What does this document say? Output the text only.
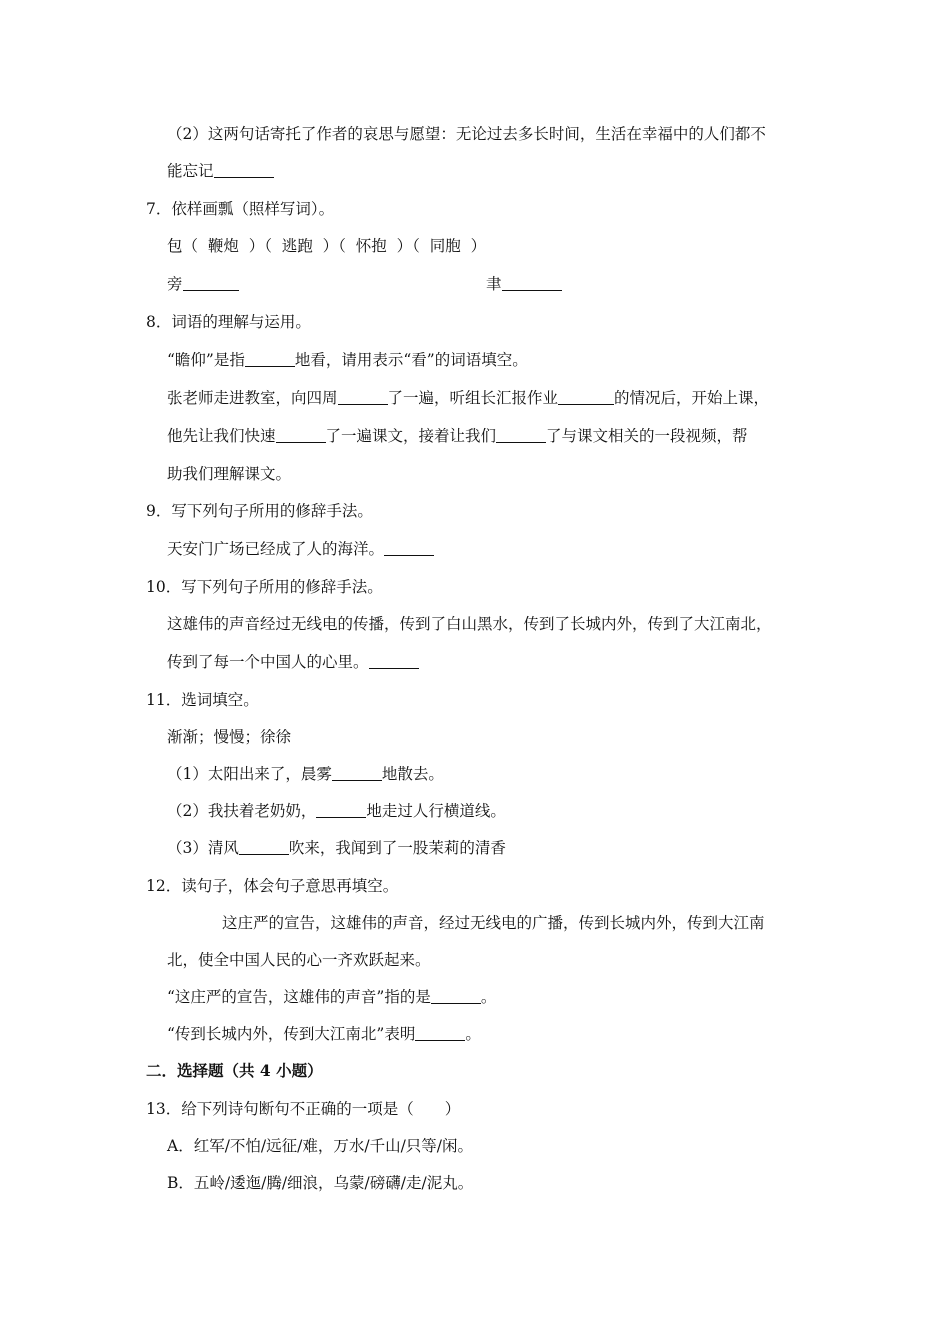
（2）这两句话寄托了作者的哀思与愿望：无论过去多长时间，生活在幸福中的人们都不
能忘记
7．依样画瓢（照样写词）。
包（  鞭炮  ）（  逃跑  ）（  怀抱  ）（  同胞  ）
旁	聿
8．词语的理解与运用。
“瞻仰”是指	地看，请用表示“看”的词语填空。
张老师走进教室，向四周	了一遍，听组长汇报作业	的情况后，开始上课，
他先让我们快速	了一遍课文，接着让我们	了与课文相关的一段视频，帮
助我们理解课文。
9．写下列句子所用的修辞手法。
天安门广场已经成了人的海洋。
10．写下列句子所用的修辞手法。
这雄伟的声音经过无线电的传播，传到了白山黑水，传到了长城内外，传到了大江南北，
传到了每一个中国人的心里。
11．选词填空。
渐渐；慢慢；徐徐
（1）太阳出来了，晨雾	地散去。
（2）我扶着老奶奶，	地走过人行横道线。
（3）清风	吹来，我闻到了一股茉莉的清香
12．读句子，体会句子意思再填空。
这庄严的宣告，这雄伟的声音，经过无线电的广播，传到长城内外，传到大江南
北，使全中国人民的心一齐欢跃起来。
“这庄严的宣告，这雄伟的声音”指的是	。
“传到长城内外，传到大江南北”表明	。
二．选择题（共 4 小题）
13．给下列诗句断句不正确的一项是（　　）
A．红军/不怕/远征/难，万水/千山/只等/闲。
B．五岭/逶迤/腾/细浪，乌蒙/磅礴/走/泥丸。
